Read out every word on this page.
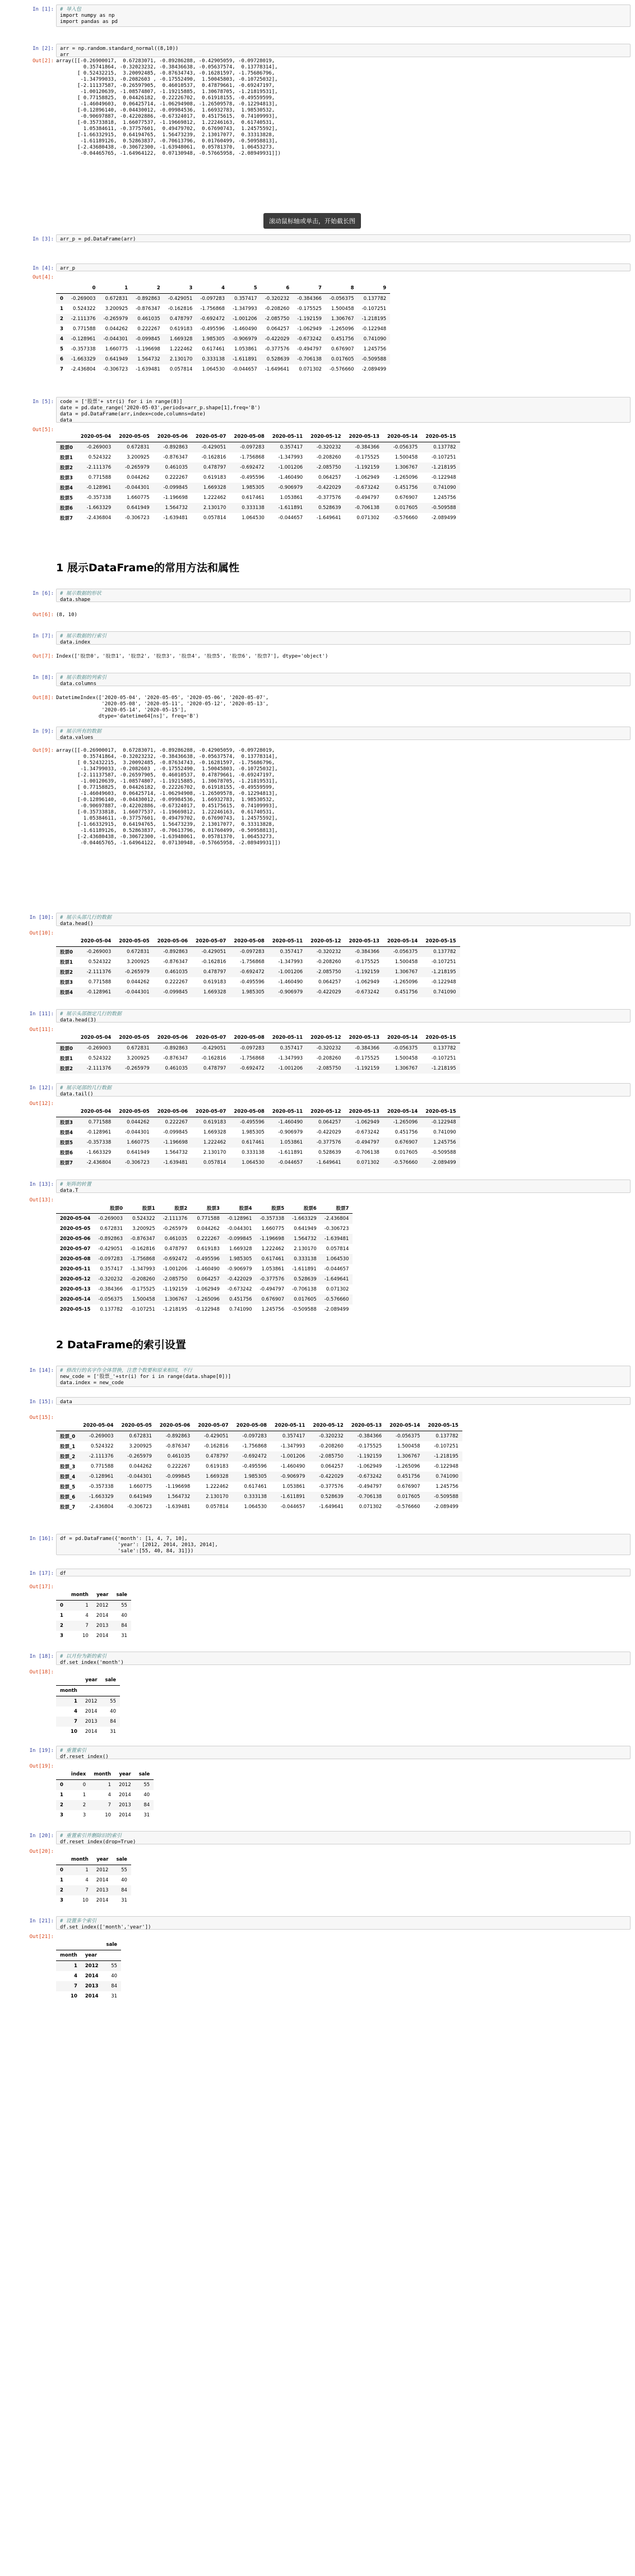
In [1]:	# 导入包
import numpy as np
import pandas as pd

In [2]:	arr = np.random.standard_normal((8,10))
arr

Out[2]: array([[-0.26900017,  0.67283071, -0.89286288, -0.42905059, -0.09728019,
0.35741864, -0.32023232, -0.38436638, -0.05637574,  0.13778314],
[ 0.52432215,  3.20092485, -0.87634743, -0.16281597, -1.75686796,
-1.34799033, -0.2082603 , -0.17552490,  1.50045803, -0.10725032],
[-2.11137587, -0.26597905,  0.46010537,  0.47879661, -0.69247197,
-1.00120639, -1.08574807, -1.19215885,  1.30678705, -1.21819531],
[ 0.77158825,  0.04426182,  0.22226702,  0.61918155, -0.49559599,
-1.46049603,  0.06425714, -1.06294908, -1.26509578, -0.12294813],
[-0.12896140, -0.04430012, -0.09984536,  1.66932783,  1.98530532,
-0.90697887, -0.42202886, -0.67324017,  0.45175615,  0.74109993],
[-0.35733818,  1.66077537, -1.19669812,  1.22246163,  0.61740531,
1.05384611, -0.37757601,  0.49479702,  0.67690743,  1.24575592],
[-1.66332915,  0.64194765,  1.56473239,  2.13017077,  0.33313828,
-1.61189126,  0.52863837, -0.70613796,  0.01760499, -0.50958813],
[-2.43680438, -0.30672300, -1.63948061,  0.05781370,  1.06453273,
-0.04465765, -1.64964122,  0.07130948, -0.57665958, -2.08949931]])
In [3]:	arr_p = pd.DataFrame(arr)

In [4]:	arr_p

Out[4]:
	0	1	2	3	4	5	6	7	8	9
0	-0.269003	0.672831	-0.892863	-0.429051	-0.097283	0.357417	-0.320232	-0.384366	-0.056375	0.137782
1	0.524322	3.200925	-0.876347	-0.162816	-1.756868	-1.347993	-0.208260	-0.175525	1.500458	-0.107251
2	-2.111376	-0.265979	0.461035	0.478797	-0.692472	-1.001206	-2.085750	-1.192159	1.306767	-1.218195
3	0.771588	0.044262	0.222267	0.619183	-0.495596	-1.460490	0.064257	-1.062949	-1.265096	-0.122948
4	-0.128961	-0.044301	-0.099845	1.669328	1.985305	-0.906979	-0.422029	-0.673242	0.451756	0.741090
5	-0.357338	1.660775	-1.196698	1.222462	0.617461	1.053861	-0.377576	-0.494797	0.676907	1.245756
6	-1.663329	0.641949	1.564732	2.130170	0.333138	-1.611891	0.528639	-0.706138	0.017605	-0.509588
7	-2.436804	-0.306723	-1.639481	0.057814	1.064530	-0.044657	-1.649641	0.071302	-0.576660	-2.089499
In [5]:	code = ['股票'+ str(i) for i in range(8)]
date = pd.date_range('2020-05-03',periods=arr_p.shape[1],freq='B')
data = pd.DataFrame(arr,index=code,columns=date)
data

Out[5]:
	2020-05-04	2020-05-05	2020-05-06	2020-05-07	2020-05-08	2020-05-11	2020-05-12	2020-05-13	2020-05-14	2020-05-15
股票0	-0.269003	0.672831	-0.892863	-0.429051	-0.097283	0.357417	-0.320232	-0.384366	-0.056375	0.137782
股票1	0.524322	3.200925	-0.876347	-0.162816	-1.756868	-1.347993	-0.208260	-0.175525	1.500458	-0.107251
股票2	-2.111376	-0.265979	0.461035	0.478797	-0.692472	-1.001206	-2.085750	-1.192159	1.306767	-1.218195
股票3	0.771588	0.044262	0.222267	0.619183	-0.495596	-1.460490	0.064257	-1.062949	-1.265096	-0.122948
股票4	-0.128961	-0.044301	-0.099845	1.669328	1.985305	-0.906979	-0.422029	-0.673242	0.451756	0.741090
股票5	-0.357338	1.660775	-1.196698	1.222462	0.617461	1.053861	-0.377576	-0.494797	0.676907	1.245756
股票6	-1.663329	0.641949	1.564732	2.130170	0.333138	-1.611891	0.528639	-0.706138	0.017605	-0.509588
股票7	-2.436804	-0.306723	-1.639481	0.057814	1.064530	-0.044657	-1.649641	0.071302	-0.576660	-2.089499
1 展示DataFrame的常用方法和属性
In [6]:	# 展示数据的形状
data.shape

Out[6]: (8, 10)
In [7]:	# 展示数据的行索引
data.index

Out[7]: Index(['股票0', '股票1', '股票2', '股票3', '股票4', '股票5', '股票6', '股票7'], dtype='object')
In [8]:	# 展示数据的列索引
data.columns

Out[8]: DatetimeIndex(['2020-05-04', '2020-05-05', '2020-05-06', '2020-05-07',
'2020-05-08', '2020-05-11', '2020-05-12', '2020-05-13',
'2020-05-14', '2020-05-15'],
dtype='datetime64[ns]', freq='B')
In [9]:	# 展示所有的数据
data.values

Out[9]: array([[-0.26900017,  0.67283071, -0.89286288, -0.42905059, -0.09728019,
0.35741864, -0.32023232, -0.38436638, -0.05637574,  0.13778314],
[ 0.52432215,  3.20092485, -0.87634743, -0.16281597, -1.75686796,
-1.34799033, -0.2082603 , -0.17552490,  1.50045803, -0.10725032],
[-2.11137587, -0.26597905,  0.46010537,  0.47879661, -0.69247197,
-1.00120639, -1.08574807, -1.19215885,  1.30678705, -1.21819531],
[ 0.77158825,  0.04426182,  0.22226702,  0.61918155, -0.49559599,
-1.46049603,  0.06425714, -1.06294908, -1.26509578, -0.12294813],
[-0.12896140, -0.04430012, -0.09984536,  1.66932783,  1.98530532,
-0.90697887, -0.42202886, -0.67324017,  0.45175615,  0.74109993],
[-0.35733818,  1.66077537, -1.19669812,  1.22246163,  0.61740531,
1.05384611, -0.37757601,  0.49479702,  0.67690743,  1.24575592],
[-1.66332915,  0.64194765,  1.56473239,  2.13017077,  0.33313828,
-1.61189126,  0.52863837, -0.70613796,  0.01760499, -0.50958813],
[-2.43680438, -0.30672300, -1.63948061,  0.05781370,  1.06453273,
-0.04465765, -1.64964122,  0.07130948, -0.57665958, -2.08949931]])
In [10]:	# 展示头部几行的数据
data.head()

Out[10]:
	2020-05-04	2020-05-05	2020-05-06	2020-05-07	2020-05-08	2020-05-11	2020-05-12	2020-05-13	2020-05-14	2020-05-15
股票0	-0.269003	0.672831	-0.892863	-0.429051	-0.097283	0.357417	-0.320232	-0.384366	-0.056375	0.137782
股票1	0.524322	3.200925	-0.876347	-0.162816	-1.756868	-1.347993	-0.208260	-0.175525	1.500458	-0.107251
股票2	-2.111376	-0.265979	0.461035	0.478797	-0.692472	-1.001206	-2.085750	-1.192159	1.306767	-1.218195
股票3	0.771588	0.044262	0.222267	0.619183	-0.495596	-1.460490	0.064257	-1.062949	-1.265096	-0.122948
股票4	-0.128961	-0.044301	-0.099845	1.669328	1.985305	-0.906979	-0.422029	-0.673242	0.451756	0.741090
In [11]:	# 展示头部指定几行的数据
data.head(3)

Out[11]:
	2020-05-04	2020-05-05	2020-05-06	2020-05-07	2020-05-08	2020-05-11	2020-05-12	2020-05-13	2020-05-14	2020-05-15
股票0	-0.269003	0.672831	-0.892863	-0.429051	-0.097283	0.357417	-0.320232	-0.384366	-0.056375	0.137782
股票1	0.524322	3.200925	-0.876347	-0.162816	-1.756868	-1.347993	-0.208260	-0.175525	1.500458	-0.107251
股票2	-2.111376	-0.265979	0.461035	0.478797	-0.692472	-1.001206	-2.085750	-1.192159	1.306767	-1.218195
In [12]:	# 展示尾部的几行数据
data.tail()

Out[12]:
	2020-05-04	2020-05-05	2020-05-06	2020-05-07	2020-05-08	2020-05-11	2020-05-12	2020-05-13	2020-05-14	2020-05-15
股票3	0.771588	0.044262	0.222267	0.619183	-0.495596	-1.460490	0.064257	-1.062949	-1.265096	-0.122948
股票4	-0.128961	-0.044301	-0.099845	1.669328	1.985305	-0.906979	-0.422029	-0.673242	0.451756	0.741090
股票5	-0.357338	1.660775	-1.196698	1.222462	0.617461	1.053861	-0.377576	-0.494797	0.676907	1.245756
股票6	-1.663329	0.641949	1.564732	2.130170	0.333138	-1.611891	0.528639	-0.706138	0.017605	-0.509588
股票7	-2.436804	-0.306723	-1.639481	0.057814	1.064530	-0.044657	-1.649641	0.071302	-0.576660	-2.089499
In [13]:	# 矩阵的转置
data.T

Out[13]:
	股票0	股票1	股票2	股票3	股票4	股票5	股票6	股票7
2020-05-04	-0.269003	0.524322	-2.111376	0.771588	-0.128961	-0.357338	-1.663329	-2.436804
2020-05-05	0.672831	3.200925	-0.265979	0.044262	-0.044301	1.660775	0.641949	-0.306723
2020-05-06	-0.892863	-0.876347	0.461035	0.222267	-0.099845	-1.196698	1.564732	-1.639481
2020-05-07	-0.429051	-0.162816	0.478797	0.619183	1.669328	1.222462	2.130170	0.057814
2020-05-08	-0.097283	-1.756868	-0.692472	-0.495596	1.985305	0.617461	0.333138	1.064530
2020-05-11	0.357417	-1.347993	-1.001206	-1.460490	-0.906979	1.053861	-1.611891	-0.044657
2020-05-12	-0.320232	-0.208260	-2.085750	0.064257	-0.422029	-0.377576	0.528639	-1.649641
2020-05-13	-0.384366	-0.175525	-1.192159	-1.062949	-0.673242	-0.494797	-0.706138	0.071302
2020-05-14	-0.056375	1.500458	1.306767	-1.265096	0.451756	0.676907	0.017605	-0.576660
2020-05-15	0.137782	-0.107251	-1.218195	-0.122948	0.741090	1.245756	-0.509588	-2.089499
2 DataFrame的索引设置
In [14]:	# 修改行的名字作全体替换，注意个数要和原来相同，不行
new_code = ['股票_'+str(i) for i in range(data.shape[0])]
data.index = new_code

In [15]:	data

Out[15]:
	2020-05-04	2020-05-05	2020-05-06	2020-05-07	2020-05-08	2020-05-11	2020-05-12	2020-05-13	2020-05-14	2020-05-15
股票_0	-0.269003	0.672831	-0.892863	-0.429051	-0.097283	0.357417	-0.320232	-0.384366	-0.056375	0.137782
股票_1	0.524322	3.200925	-0.876347	-0.162816	-1.756868	-1.347993	-0.208260	-0.175525	1.500458	-0.107251
股票_2	-2.111376	-0.265979	0.461035	0.478797	-0.692472	-1.001206	-2.085750	-1.192159	1.306767	-1.218195
股票_3	0.771588	0.044262	0.222267	0.619183	-0.495596	-1.460490	0.064257	-1.062949	-1.265096	-0.122948
股票_4	-0.128961	-0.044301	-0.099845	1.669328	1.985305	-0.906979	-0.422029	-0.673242	0.451756	0.741090
股票_5	-0.357338	1.660775	-1.196698	1.222462	0.617461	1.053861	-0.377576	-0.494797	0.676907	1.245756
股票_6	-1.663329	0.641949	1.564732	2.130170	0.333138	-1.611891	0.528639	-0.706138	0.017605	-0.509588
股票_7	-2.436804	-0.306723	-1.639481	0.057814	1.064530	-0.044657	-1.649641	0.071302	-0.576660	-2.089499
In [16]:	df = pd.DataFrame({'month': [1, 4, 7, 10],
'year': [2012, 2014, 2013, 2014],
'sale':[55, 40, 84, 31]})

In [17]:	df

Out[17]:
	month	year	sale
0	1	2012	55
1	4	2014	40
2	7	2013	84
3	10	2014	31
In [18]:	# 以月份为新的索引
df.set_index('month')

Out[18]:
	year	sale
month		
1	2012	55
4	2014	40
7	2013	84
10	2014	31
In [19]:	# 重置索引
df.reset_index()

Out[19]:
	index	month	year	sale
0	0	1	2012	55
1	1	4	2014	40
2	2	7	2013	84
3	3	10	2014	31
In [20]:	# 重置索引并删除旧的索引
df.reset_index(drop=True)

Out[20]:
	month	year	sale
0	1	2012	55
1	4	2014	40
2	7	2013	84
3	10	2014	31
In [21]:	# 设置多个索引
df.set_index(['month','year'])

Out[21]:
		sale
month	year	
1	2012	55
4	2014	40
7	2013	84
10	2014	31
滚动鼠标轴或单击，开始截长图
